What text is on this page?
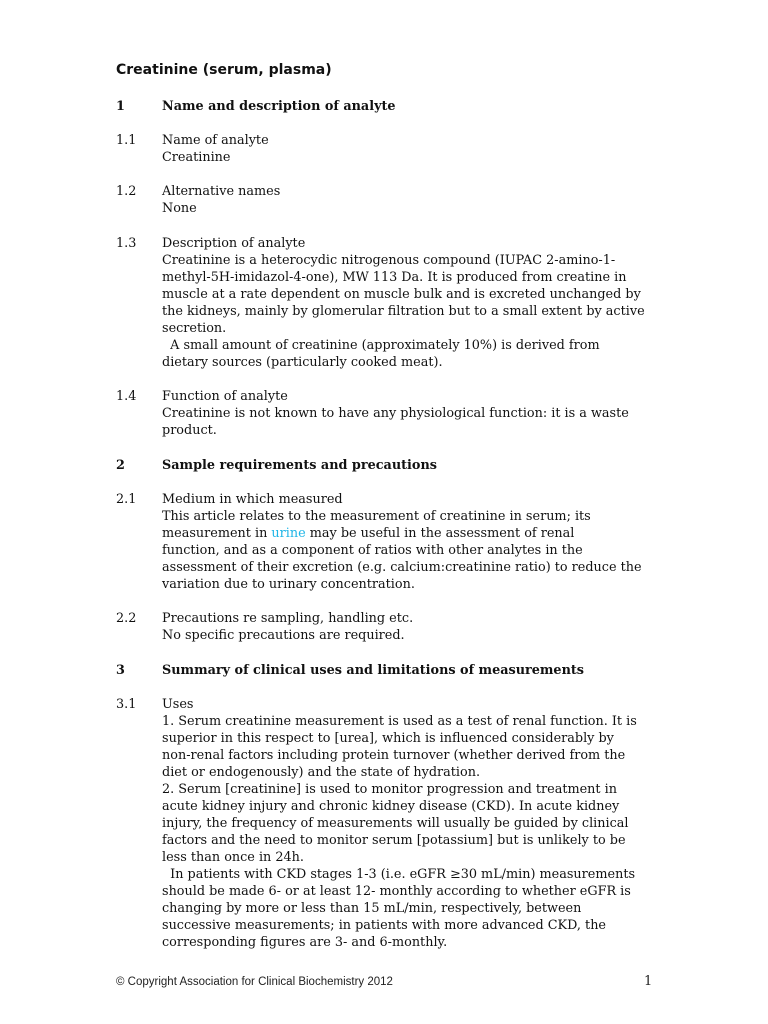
Creatinine (serum, plasma)
1	Name and description of analyte
1.1 Name of analyte
Creatinine
1.2 Alternative names
None
1.3 Description of analyte
Creatinine is a heterocydic nitrogenous compound (IUPAC 2-amino-1-
methyl-5H-imidazol-4-one), MW 113 Da. It is produced from creatine in
muscle at a rate dependent on muscle bulk and is excreted unchanged by
the kidneys, mainly by glomerular filtration but to a small extent by active
secretion.
A small amount of creatinine (approximately 10%) is derived from
dietary sources (particularly cooked meat).
1.4 Function of analyte
Creatinine is not known to have any physiological function: it is a waste
product.
2	Sample requirements and precautions
2.1 Medium in which measured
This article relates to the measurement of creatinine in serum; its
measurement in urine may be useful in the assessment of renal
function, and as a component of ratios with other analytes in the
assessment of their excretion (e.g. calcium:creatinine ratio) to reduce the
variation due to urinary concentration.
2.2 Precautions re sampling, handling etc.
No specific precautions are required.
3	Summary of clinical uses and limitations of measurements
3.1 Uses
1. Serum creatinine measurement is used as a test of renal function. It is
superior in this respect to [urea], which is influenced considerably by
non-renal factors including protein turnover (whether derived from the
diet or endogenously) and the state of hydration.
2. Serum [creatinine] is used to monitor progression and treatment in
acute kidney injury and chronic kidney disease (CKD). In acute kidney
injury, the frequency of measurements will usually be guided by clinical
factors and the need to monitor serum [potassium] but is unlikely to be
less than once in 24h.
In patients with CKD stages 1-3 (i.e. eGFR ≥30 mL/min) measurements
should be made 6- or at least 12- monthly according to whether eGFR is
changing by more or less than 15 mL/min, respectively, between
successive measurements; in patients with more advanced CKD, the
corresponding figures are 3- and 6-monthly.
© Copyright Association for Clinical Biochemistry 2012	1
